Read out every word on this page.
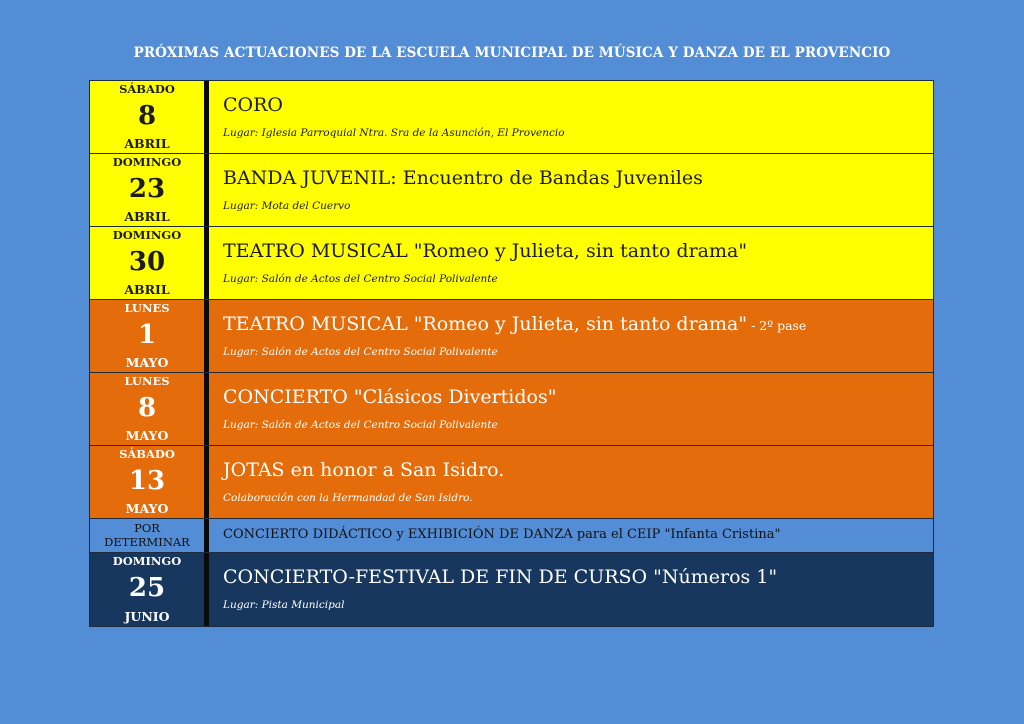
PRÓXIMAS ACTUACIONES DE LA ESCUELA MUNICIPAL DE MÚSICA Y DANZA DE EL PROVENCIO
SÁBADO
8
ABRIL
CORO
Lugar: Iglesia Parroquial Ntra. Sra de la Asunción, El Provencio
DOMINGO
23
ABRIL
BANDA JUVENIL: Encuentro de Bandas Juveniles
Lugar: Mota del Cuervo
DOMINGO
30
ABRIL
TEATRO MUSICAL "Romeo y Julieta, sin tanto drama"
Lugar: Salón de Actos del Centro Social Polivalente
LUNES
1
MAYO
TEATRO MUSICAL "Romeo y Julieta, sin tanto drama" - 2º pase
Lugar: Salón de Actos del Centro Social Polivalente
LUNES
8
MAYO
CONCIERTO "Clásicos Divertidos"
Lugar: Salón de Actos del Centro Social Polivalente
SÁBADO
13
MAYO
JOTAS en honor a San Isidro.
Colaboración con la Hermandad de San Isidro.
POR
DETERMINAR	CONCIERTO DIDÁCTICO y EXHIBICIÓN DE DANZA para el CEIP "Infanta Cristina"
DOMINGO
25
JUNIO
CONCIERTO-FESTIVAL DE FIN DE CURSO "Números 1"
Lugar: Pista Municipal
